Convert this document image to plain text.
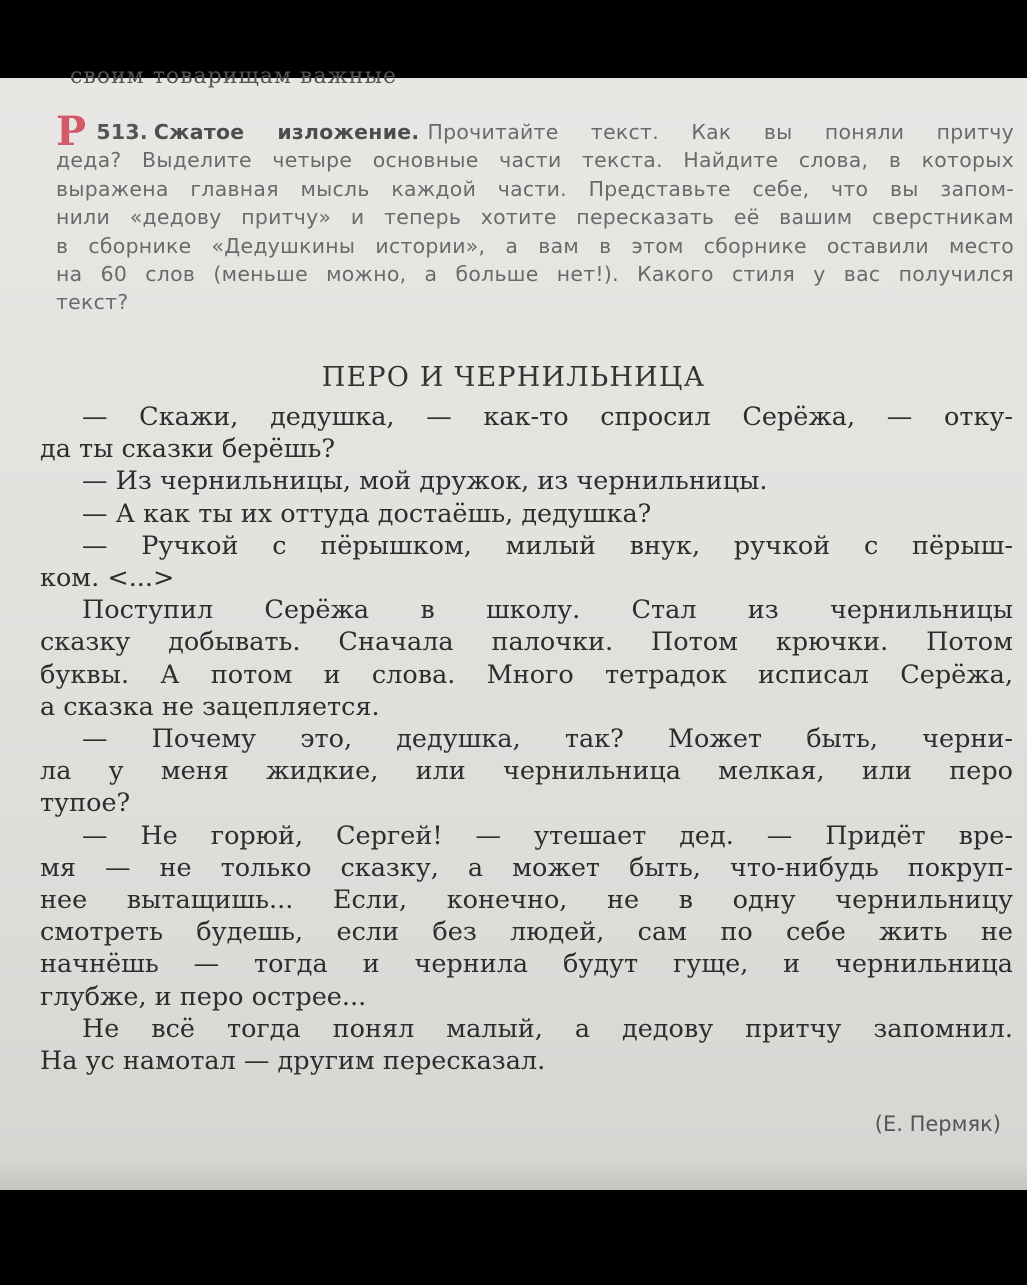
своим товарищам важные
Р 513. Сжатое изложение. Прочитайте текст. Как вы поняли притчу
деда? Выделите четыре основные части текста. Найдите слова, в которых
выражена главная мысль каждой части. Представьте себе, что вы запом-
нили «дедову притчу» и теперь хотите пересказать её вашим сверстникам
в сборнике «Дедушкины истории», а вам в этом сборнике оставили место
на 60 слов (меньше можно, а больше нет!). Какого стиля у вас получился
текст?
ПЕРО И ЧЕРНИЛЬНИЦА
— Скажи, дедушка, — как-то спросил Серёжа, — отку-
да ты сказки берёшь?
— Из чернильницы, мой дружок, из чернильницы.
— А как ты их оттуда достаёшь, дедушка?
— Ручкой с пёрышком, милый внук, ручкой с пёрыш-
ком. <...>
Поступил Серёжа в школу. Стал из чернильницы
сказку добывать. Сначала палочки. Потом крючки. Потом
буквы. А потом и слова. Много тетрадок исписал Серёжа,
а сказка не зацепляется.
— Почему это, дедушка, так? Может быть, черни-
ла у меня жидкие, или чернильница мелкая, или перо
тупое?
— Не горюй, Сергей! — утешает дед. — Придёт вре-
мя — не только сказку, а может быть, что-нибудь покруп-
нее вытащишь... Если, конечно, не в одну чернильницу
смотреть будешь, если без людей, сам по себе жить не
начнёшь — тогда и чернила будут гуще, и чернильница
глубже, и перо острее...
Не всё тогда понял малый, а дедову притчу запомнил.
На ус намотал — другим пересказал.
(Е. Пермяк)
